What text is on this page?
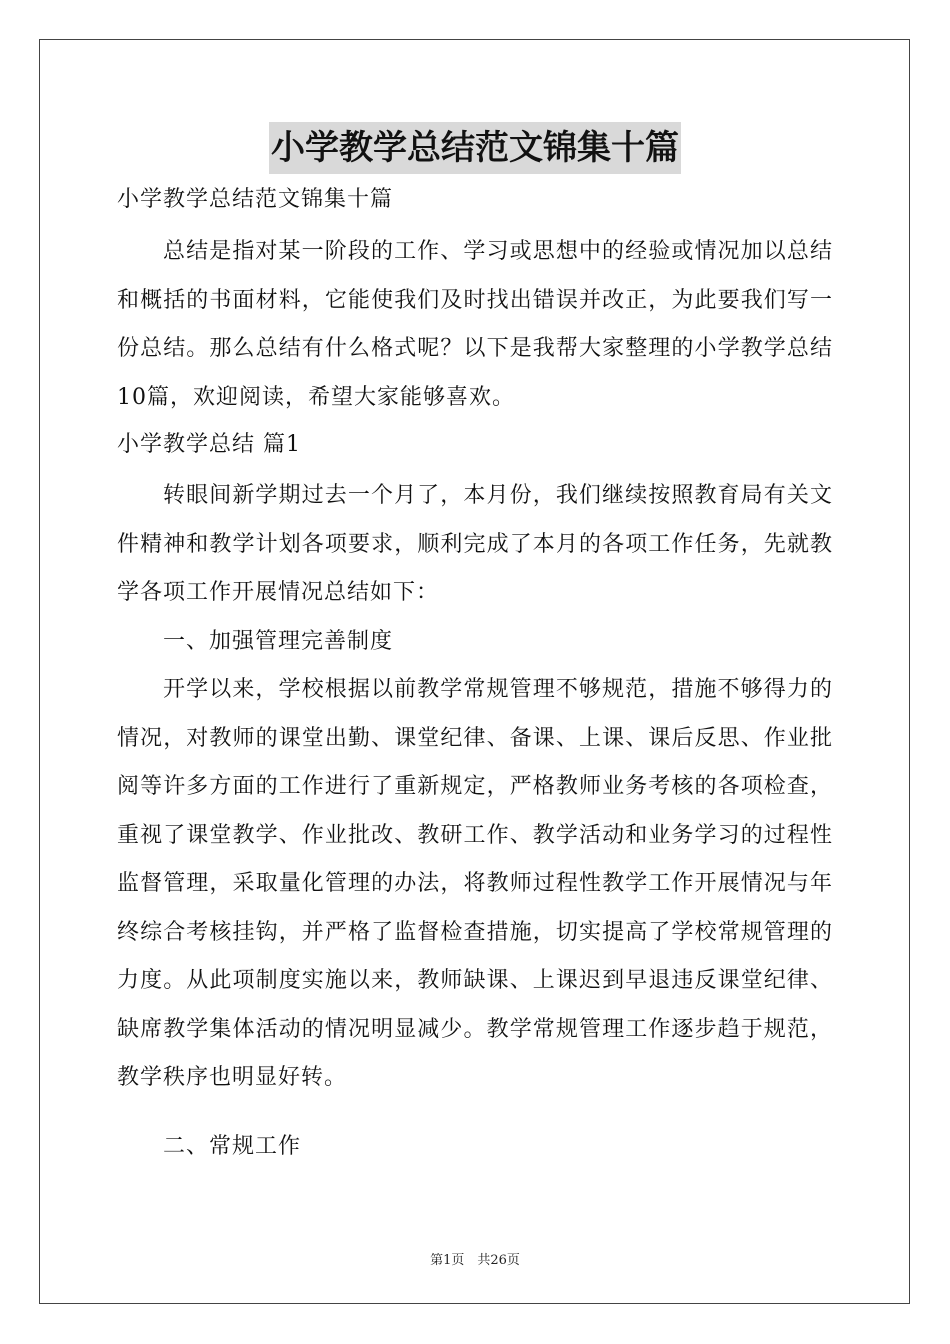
小学教学总结范文锦集十篇
小学教学总结范文锦集十篇

总结是指对某一阶段的工作、学习或思想中的经验或情况加以总结和概括的书面材料，它能使我们及时找出错误并改正，为此要我们写一份总结。那么总结有什么格式呢？以下是我帮大家整理的小学教学总结10篇，欢迎阅读，希望大家能够喜欢。

小学教学总结 篇1

转眼间新学期过去一个月了，本月份，我们继续按照教育局有关文件精神和教学计划各项要求，顺利完成了本月的各项工作任务，先就教学各项工作开展情况总结如下：

一、加强管理完善制度

开学以来，学校根据以前教学常规管理不够规范，措施不够得力的情况，对教师的课堂出勤、课堂纪律、备课、上课、课后反思、作业批阅等许多方面的工作进行了重新规定，严格教师业务考核的各项检查，重视了课堂教学、作业批改、教研工作、教学活动和业务学习的过程性监督管理，采取量化管理的办法，将教师过程性教学工作开展情况与年终综合考核挂钩，并严格了监督检查措施，切实提高了学校常规管理的力度。从此项制度实施以来，教师缺课、上课迟到早退违反课堂纪律、缺席教学集体活动的情况明显减少。教学常规管理工作逐步趋于规范，教学秩序也明显好转。

二、常规工作

第1页　共26页
